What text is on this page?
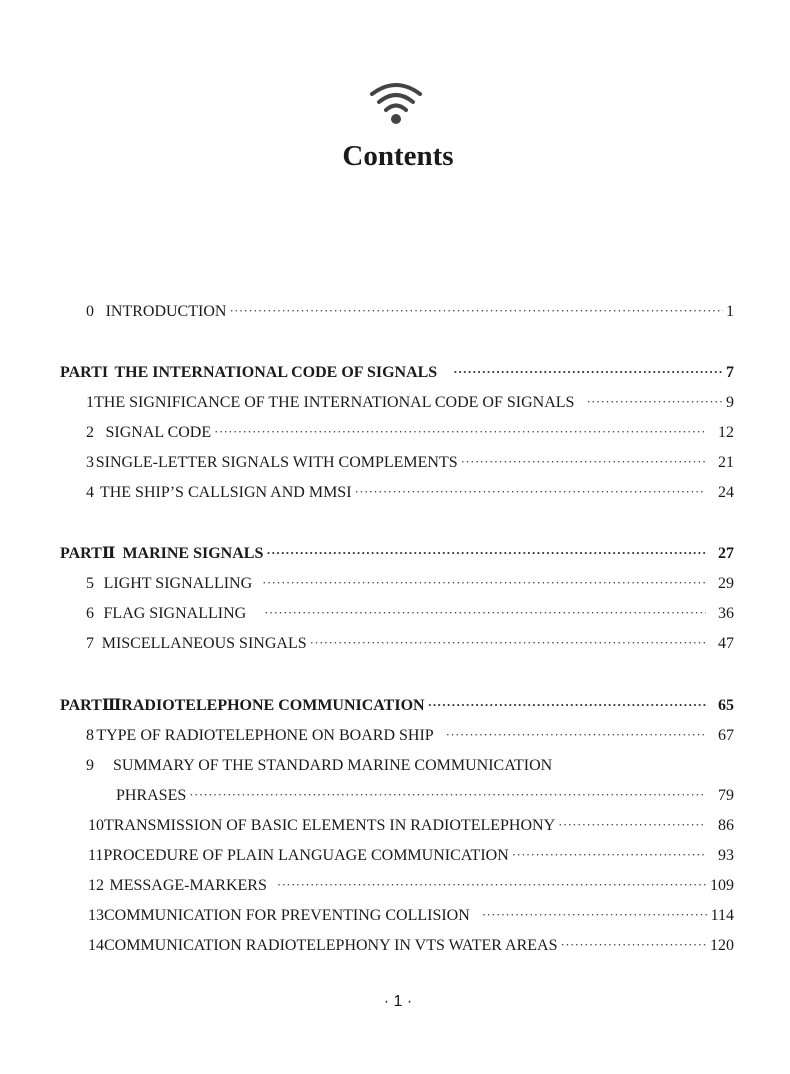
Contents
0 INTRODUCTION ·····	1
PART I THE INTERNATIONAL CODE OF SIGNALS ·····	7
1 THE SIGNIFICANCE OF THE INTERNATIONAL CODE OF SIGNALS ·····	9
2 SIGNAL CODE ·····	12
3 SINGLE-LETTER SIGNALS WITH COMPLEMENTS ·····	21
4 THE SHIP’S CALLSIGN AND MMSI ·····	24
PART Ⅱ MARINE SIGNALS ·····	27
5 LIGHT SIGNALLING ·····	29
6 FLAG SIGNALLING ·····	36
7 MISCELLANEOUS SINGALS ·····	47
PART Ⅲ RADIOTELEPHONE COMMUNICATION ·····	65
8 TYPE OF RADIOTELEPHONE ON BOARD SHIP ·····	67
9	SUMMARY OF THE STANDARD MARINE COMMUNICATION
PHRASES ·····	79
10 TRANSMISSION OF BASIC ELEMENTS IN RADIOTELEPHONY ·····	86
11 PROCEDURE OF PLAIN LANGUAGE COMMUNICATION ·····	93
12 MESSAGE-MARKERS ·····	109
13 COMMUNICATION FOR PREVENTING COLLISION ·····	114
14 COMMUNICATION RADIOTELEPHONY IN VTS WATER AREAS ·····	120
· 1 ·
